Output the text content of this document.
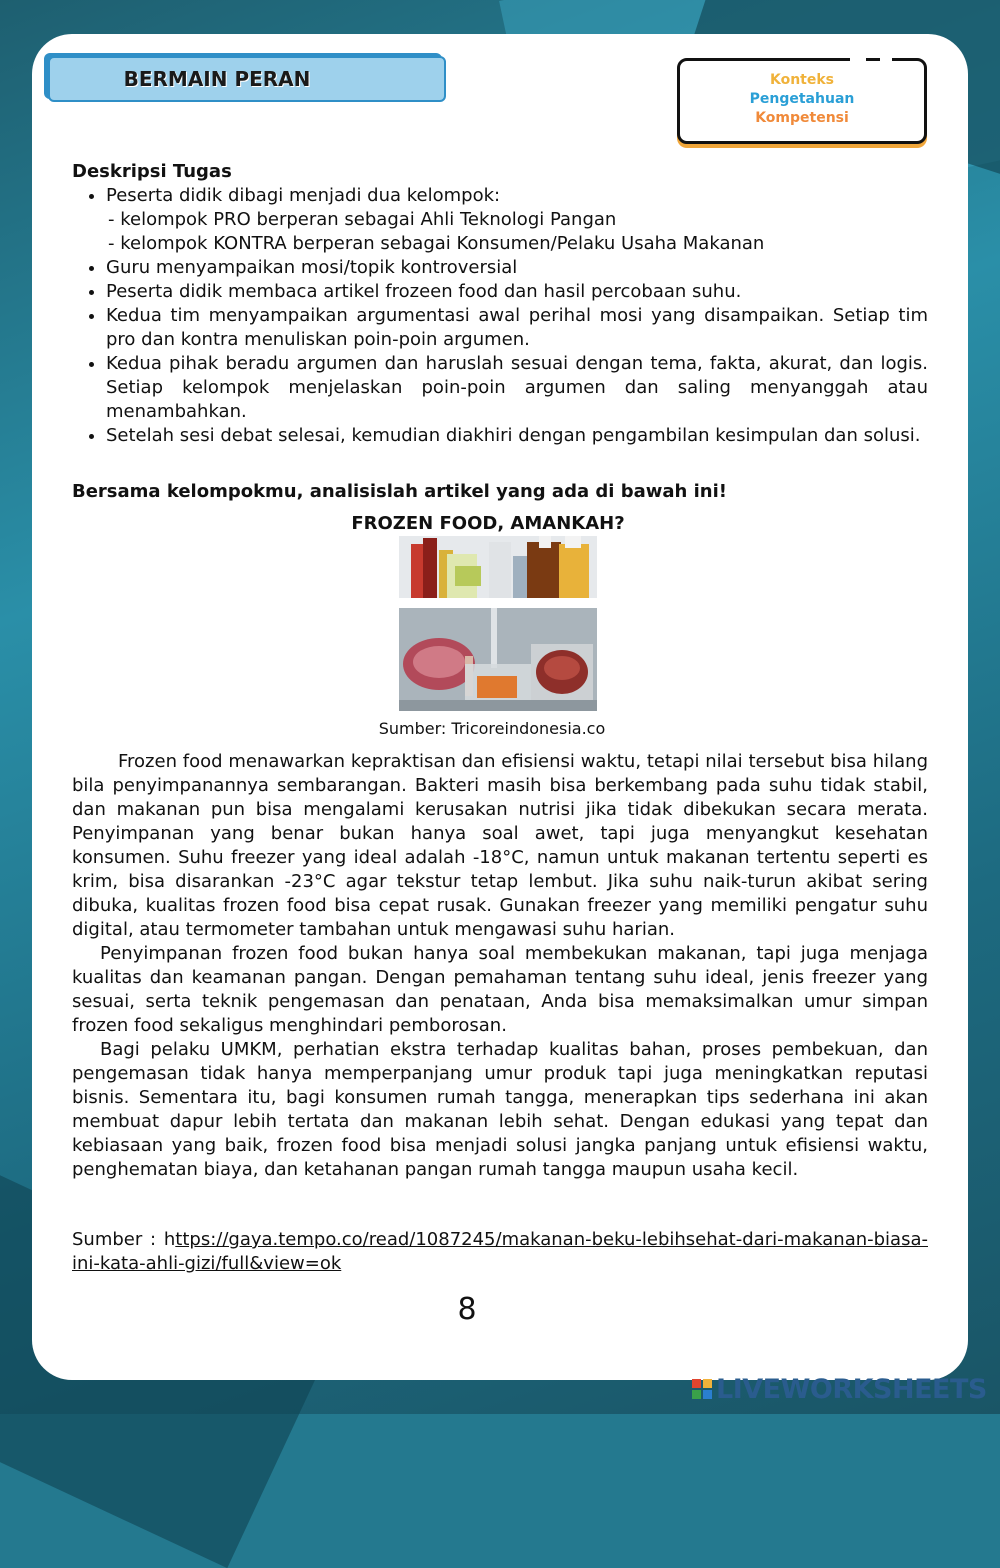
BERMAIN PERAN	Konteks
Pengetahuan
Kompetensi
Deskripsi Tugas
• Peserta didik dibagi menjadi dua kelompok:
- kelompok PRO berperan sebagai Ahli Teknologi Pangan
- kelompok KONTRA berperan sebagai Konsumen/Pelaku Usaha Makanan
• Guru menyampaikan mosi/topik kontroversial
• Peserta didik membaca artikel frozeen food dan hasil percobaan suhu.
• Kedua tim menyampaikan argumentasi awal perihal mosi yang disampaikan. Setiap tim pro dan kontra menuliskan poin-poin argumen.
• Kedua pihak beradu argumen dan haruslah sesuai dengan tema, fakta, akurat, dan logis. Setiap kelompok menjelaskan poin-poin argumen dan saling menyanggah atau menambahkan.
• Setelah sesi debat selesai, kemudian diakhiri dengan pengambilan kesimpulan dan solusi.
Bersama kelompokmu, analisislah artikel yang ada di bawah ini!
FROZEN FOOD, AMANKAH?
Sumber: Tricoreindonesia.co

Frozen food menawarkan kepraktisan dan efisiensi waktu, tetapi nilai tersebut bisa hilang bila penyimpanannya sembarangan. Bakteri masih bisa berkembang pada suhu tidak stabil, dan makanan pun bisa mengalami kerusakan nutrisi jika tidak dibekukan secara merata. Penyimpanan yang benar bukan hanya soal awet, tapi juga menyangkut kesehatan konsumen. Suhu freezer yang ideal adalah -18°C, namun untuk makanan tertentu seperti es krim, bisa disarankan -23°C agar tekstur tetap lembut. Jika suhu naik-turun akibat sering dibuka, kualitas frozen food bisa cepat rusak. Gunakan freezer yang memiliki pengatur suhu digital, atau termometer tambahan untuk mengawasi suhu harian.

Penyimpanan frozen food bukan hanya soal membekukan makanan, tapi juga menjaga kualitas dan keamanan pangan. Dengan pemahaman tentang suhu ideal, jenis freezer yang sesuai, serta teknik pengemasan dan penataan, Anda bisa memaksimalkan umur simpan frozen food sekaligus menghindari pemborosan.

Bagi pelaku UMKM, perhatian ekstra terhadap kualitas bahan, proses pembekuan, dan pengemasan tidak hanya memperpanjang umur produk tapi juga meningkatkan reputasi bisnis. Sementara itu, bagi konsumen rumah tangga, menerapkan tips sederhana ini akan membuat dapur lebih tertata dan makanan lebih sehat. Dengan edukasi yang tepat dan kebiasaan yang baik, frozen food bisa menjadi solusi jangka panjang untuk efisiensi waktu, penghematan biaya, dan ketahanan pangan rumah tangga maupun usaha kecil.

Sumber : https://gaya.tempo.co/read/1087245/makanan-beku-lebihsehat-dari-makanan-biasa-ini-kata-ahli-gizi/full&view=ok
8
LIVEWORKSHEETS
